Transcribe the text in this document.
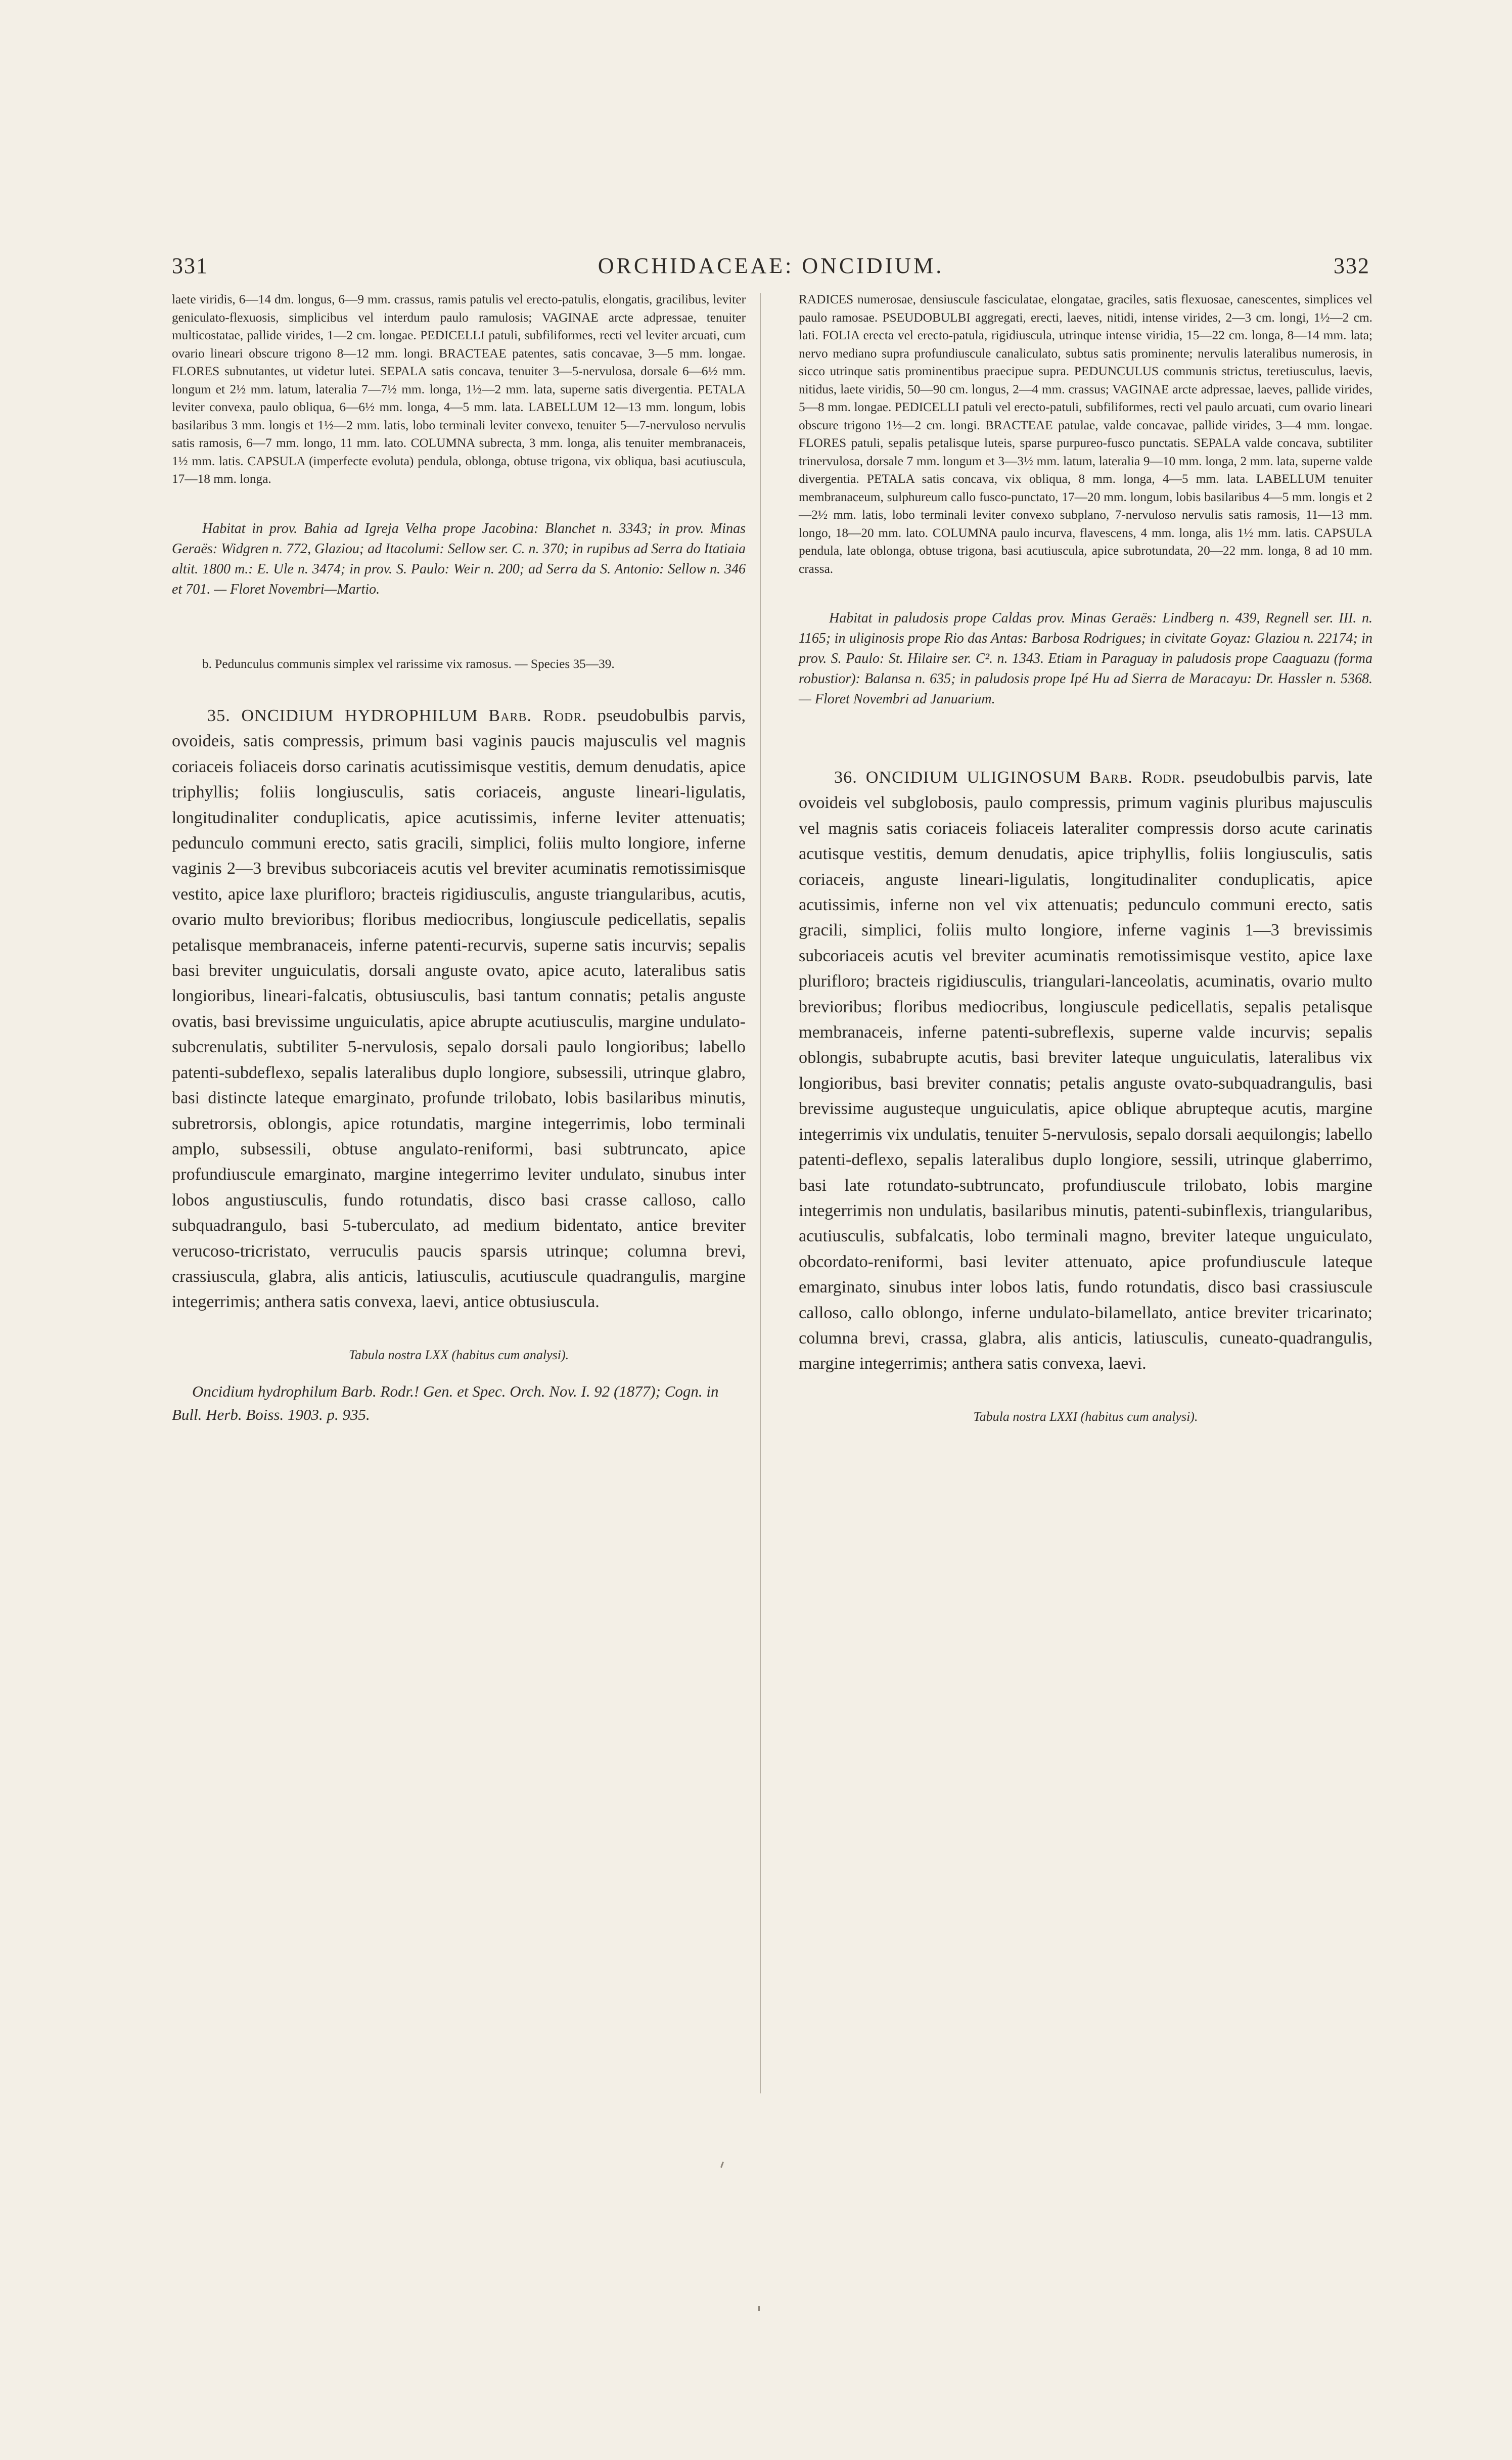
331	ORCHIDACEAE: ONCIDIUM.	332

laete viridis, 6—14 dm. longus, 6—9 mm. crassus, ramis patulis vel erecto-patulis, elongatis, gracilibus, leviter geniculato-flexuosis, simplicibus vel interdum paulo ramulosis; VAGINAE arcte adpressae, tenuiter multicostatae, pallide virides, 1—2 cm. longae. PEDICELLI patuli, subfiliformes, recti vel leviter arcuati, cum ovario lineari obscure trigono 8—12 mm. longi. BRACTEAE patentes, satis concavae, 3—5 mm. longae. FLORES subnutantes, ut videtur lutei. SEPALA satis concava, tenuiter 3—5-nervulosa, dorsale 6—6½ mm. longum et 2½ mm. latum, lateralia 7—7½ mm. longa, 1½—2 mm. lata, superne satis divergentia. PETALA leviter convexa, paulo obliqua, 6—6½ mm. longa, 4—5 mm. lata. LABELLUM 12—13 mm. longum, lobis basilaribus 3 mm. longis et 1½—2 mm. latis, lobo terminali leviter convexo, tenuiter 5—7-nervuloso nervulis satis ramosis, 6—7 mm. longo, 11 mm. lato. COLUMNA subrecta, 3 mm. longa, alis tenuiter membranaceis, 1½ mm. latis. CAPSULA (imperfecte evoluta) pendula, oblonga, obtuse trigona, vix obliqua, basi acutiuscula, 17—18 mm. longa.

Habitat in prov. Bahia ad Igreja Velha prope Jacobina: Blanchet n. 3343; in prov. Minas Geraës: Widgren n. 772, Glaziou; ad Itacolumi: Sellow ser. C. n. 370; in rupibus ad Serra do Itatiaia altit. 1800 m.: E. Ule n. 3474; in prov. S. Paulo: Weir n. 200; ad Serra da S. Antonio: Sellow n. 346 et 701. — Floret Novembri—Martio.

b. Pedunculus communis simplex vel rarissime vix ramosus. — Species 35—39.

35. ONCIDIUM HYDROPHILUM Barb. Rodr. pseudobulbis parvis, ovoideis, satis compressis, primum basi vaginis paucis majusculis vel magnis coriaceis foliaceis dorso carinatis acutissimisque vestitis, demum denudatis, apice triphyllis; foliis longiusculis, satis coriaceis, anguste lineari-ligulatis, longitudinaliter conduplicatis, apice acutissimis, inferne leviter attenuatis; pedunculo communi erecto, satis gracili, simplici, foliis multo longiore, inferne vaginis 2—3 brevibus subcoriaceis acutis vel breviter acuminatis remotissimisque vestito, apice laxe plurifloro; bracteis rigidiusculis, anguste triangularibus, acutis, ovario multo brevioribus; floribus mediocribus, longiuscule pedicellatis, sepalis petalisque membranaceis, inferne patenti-recurvis, superne satis incurvis; sepalis basi breviter unguiculatis, dorsali anguste ovato, apice acuto, lateralibus satis longioribus, lineari-falcatis, obtusiusculis, basi tantum connatis; petalis anguste ovatis, basi brevissime unguiculatis, apice abrupte acutiusculis, margine undulato-subcrenulatis, subtiliter 5-nervulosis, sepalo dorsali paulo longioribus; labello patenti-subdeflexo, sepalis lateralibus duplo longiore, subsessili, utrinque glabro, basi distincte lateque emarginato, profunde trilobato, lobis basilaribus minutis, subretrorsis, oblongis, apice rotundatis, margine integerrimis, lobo terminali amplo, subsessili, obtuse angulato-reniformi, basi subtruncato, apice profundiuscule emarginato, margine integerrimo leviter undulato, sinubus inter lobos angustiusculis, fundo rotundatis, disco basi crasse calloso, callo subquadrangulo, basi 5-tuberculato, ad medium bidentato, antice breviter verucoso-tricristato, verruculis paucis sparsis utrinque; columna brevi, crassiuscula, glabra, alis anticis, latiusculis, acutiuscule quadrangulis, margine integerrimis; anthera satis convexa, laevi, antice obtusiuscula.

Tabula nostra LXX (habitus cum analysi).

Oncidium hydrophilum Barb. Rodr.! Gen. et Spec. Orch. Nov. I. 92 (1877); Cogn. in Bull. Herb. Boiss. 1903. p. 935.

RADICES numerosae, densiuscule fasciculatae, elongatae, graciles, satis flexuosae, canescentes, simplices vel paulo ramosae. PSEUDOBULBI aggregati, erecti, laeves, nitidi, intense virides, 2—3 cm. longi, 1½—2 cm. lati. FOLIA erecta vel erecto-patula, rigidiuscula, utrinque intense viridia, 15—22 cm. longa, 8—14 mm. lata; nervo mediano supra profundiuscule canaliculato, subtus satis prominente; nervulis lateralibus numerosis, in sicco utrinque satis prominentibus praecipue supra. PEDUNCULUS communis strictus, teretiusculus, laevis, nitidus, laete viridis, 50—90 cm. longus, 2—4 mm. crassus; VAGINAE arcte adpressae, laeves, pallide virides, 5—8 mm. longae. PEDICELLI patuli vel erecto-patuli, subfiliformes, recti vel paulo arcuati, cum ovario lineari obscure trigono 1½—2 cm. longi. BRACTEAE patulae, valde concavae, pallide virides, 3—4 mm. longae. FLORES patuli, sepalis petalisque luteis, sparse purpureo-fusco punctatis. SEPALA valde concava, subtiliter trinervulosa, dorsale 7 mm. longum et 3—3½ mm. latum, lateralia 9—10 mm. longa, 2 mm. lata, superne valde divergentia. PETALA satis concava, vix obliqua, 8 mm. longa, 4—5 mm. lata. LABELLUM tenuiter membranaceum, sulphureum callo fusco-punctato, 17—20 mm. longum, lobis basilaribus 4—5 mm. longis et 2—2½ mm. latis, lobo terminali leviter convexo subplano, 7-nervuloso nervulis satis ramosis, 11—13 mm. longo, 18—20 mm. lato. COLUMNA paulo incurva, flavescens, 4 mm. longa, alis 1½ mm. latis. CAPSULA pendula, late oblonga, obtuse trigona, basi acutiuscula, apice subrotundata, 20—22 mm. longa, 8 ad 10 mm. crassa.

Habitat in paludosis prope Caldas prov. Minas Geraës: Lindberg n. 439, Regnell ser. III. n. 1165; in uliginosis prope Rio das Antas: Barbosa Rodrigues; in civitate Goyaz: Glaziou n. 22174; in prov. S. Paulo: St. Hilaire ser. C². n. 1343. Etiam in Paraguay in paludosis prope Caaguazu (forma robustior): Balansa n. 635; in paludosis prope Ipé Hu ad Sierra de Maracayu: Dr. Hassler n. 5368. — Floret Novembri ad Januarium.

36. ONCIDIUM ULIGINOSUM Barb. Rodr. pseudobulbis parvis, late ovoideis vel subglobosis, paulo compressis, primum vaginis pluribus majusculis vel magnis satis coriaceis foliaceis lateraliter compressis dorso acute carinatis acutisque vestitis, demum denudatis, apice triphyllis, foliis longiusculis, satis coriaceis, anguste lineari-ligulatis, longitudinaliter conduplicatis, apice acutissimis, inferne non vel vix attenuatis; pedunculo communi erecto, satis gracili, simplici, foliis multo longiore, inferne vaginis 1—3 brevissimis subcoriaceis acutis vel breviter acuminatis remotissimisque vestito, apice laxe plurifloro; bracteis rigidiusculis, triangulari-lanceolatis, acuminatis, ovario multo brevioribus; floribus mediocribus, longiuscule pedicellatis, sepalis petalisque membranaceis, inferne patenti-subreflexis, superne valde incurvis; sepalis oblongis, subabrupte acutis, basi breviter lateque unguiculatis, lateralibus vix longioribus, basi breviter connatis; petalis anguste ovato-subquadrangulis, basi brevissime augusteque unguiculatis, apice oblique abrupteque acutis, margine integerrimis vix undulatis, tenuiter 5-nervulosis, sepalo dorsali aequilongis; labello patenti-deflexo, sepalis lateralibus duplo longiore, sessili, utrinque glaberrimo, basi late rotundato-subtruncato, profundiuscule trilobato, lobis margine integerrimis non undulatis, basilaribus minutis, patenti-subinflexis, triangularibus, acutiusculis, subfalcatis, lobo terminali magno, breviter lateque unguiculato, obcordato-reniformi, basi leviter attenuato, apice profundiuscule lateque emarginato, sinubus inter lobos latis, fundo rotundatis, disco basi crassiuscule calloso, callo oblongo, inferne undulato-bilamellato, antice breviter tricarinato; columna brevi, crassa, glabra, alis anticis, latiusculis, cuneato-quadrangulis, margine integerrimis; anthera satis convexa, laevi.

Tabula nostra LXXI (habitus cum analysi).
